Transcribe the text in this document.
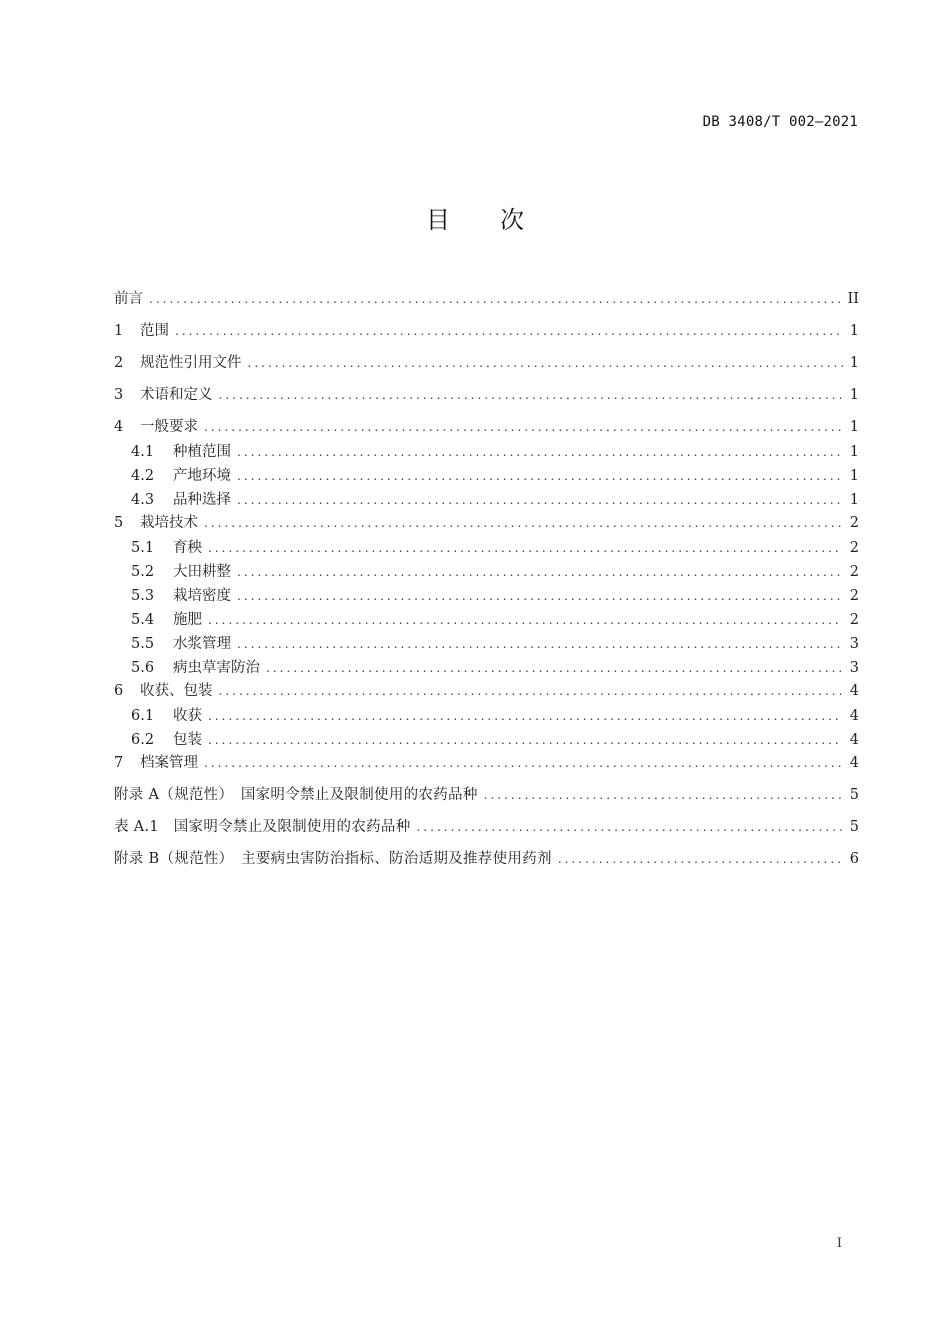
DB 3408/T 002—2021
目 次
前言 .....	II
1	范围 .....	1
2	规范性引用文件 .....	1
3	术语和定义 .....	1
4	一般要求 .....	1
4.1	种植范围 .....	1
4.2	产地环境 .....	1
4.3	品种选择 .....	1
5	栽培技术 .....	2
5.1	育秧 .....	2
5.2	大田耕整 .....	2
5.3	栽培密度 .....	2
5.4	施肥 .....	2
5.5	水浆管理 .....	3
5.6	病虫草害防治 .....	3
6	收获、包装 .....	4
6.1	收获 .....	4
6.2	包装 .....	4
7	档案管理 .....	4
附录 A（规范性）　国家明令禁止及限制使用的农药品种 .....	5
表 A.1　国家明令禁止及限制使用的农药品种 .....	5
附录 B（规范性）　主要病虫害防治指标、防治适期及推荐使用药剂 .....	6
I
